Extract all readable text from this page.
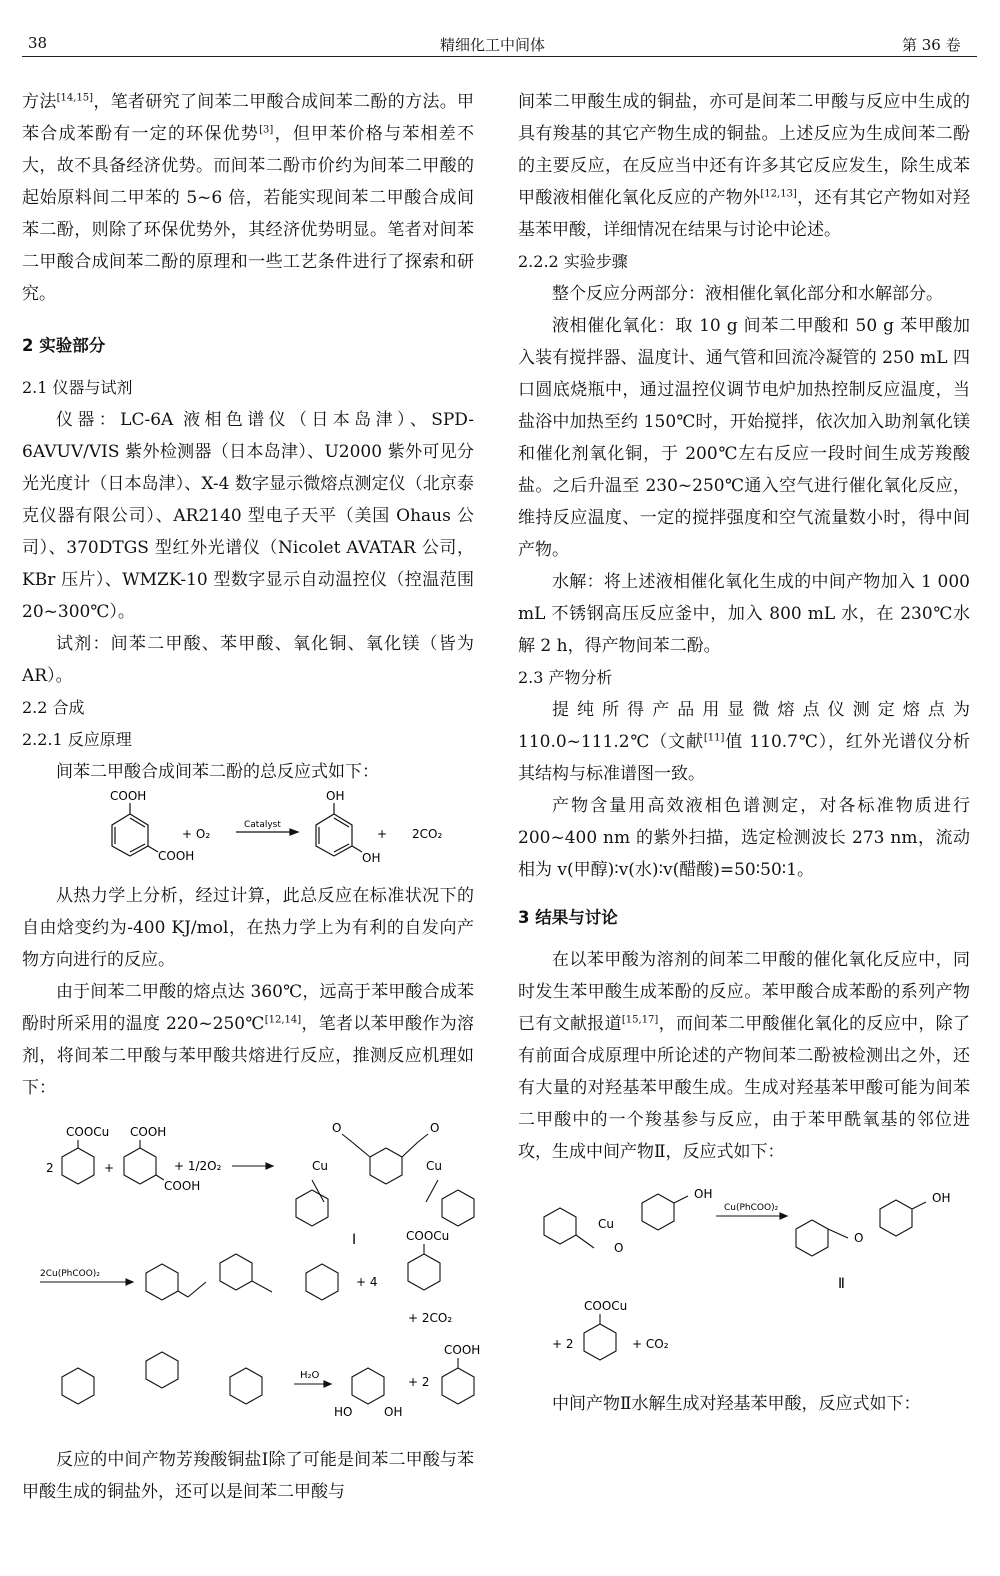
38	精细化工中间体	第 36 卷

方法[14,15]，笔者研究了间苯二甲酸合成间苯二酚的方法。甲苯合成苯酚有一定的环保优势[3]，但甲苯价格与苯相差不大，故不具备经济优势。而间苯二酚市价约为间苯二甲酸的起始原料间二甲苯的 5~6 倍，若能实现间苯二甲酸合成间苯二酚，则除了环保优势外，其经济优势明显。笔者对间苯二甲酸合成间苯二酚的原理和一些工艺条件进行了探索和研究。

2 实验部分
2.1 仪器与试剂

仪器：LC-6A 液相色谱仪（日本岛津）、SPD-6AVUV/VIS 紫外检测器（日本岛津）、U2000 紫外可见分光光度计（日本岛津）、X-4 数字显示微熔点测定仪（北京泰克仪器有限公司）、AR2140 型电子天平（美国 Ohaus 公司）、370DTGS 型红外光谱仪（Nicolet AVATAR 公司，KBr 压片）、WMZK-10 型数字显示自动温控仪（控温范围 20~300℃）。

试剂：间苯二甲酸、苯甲酸、氧化铜、氧化镁（皆为 AR）。

2.2 合成
2.2.1 反应原理

间苯二甲酸合成间苯二酚的总反应式如下：

COOH
COOH
+ O₂
Catalyst
OH
OH
+ 2CO₂

从热力学上分析，经过计算，此总反应在标准状况下的自由焓变约为-400 KJ/mol，在热力学上为有利的自发向产物方向进行的反应。

由于间苯二甲酸的熔点达 360℃，远高于苯甲酸合成苯酚时所采用的温度 220~250℃[12,14]，笔者以苯甲酸作为溶剂，将间苯二甲酸与苯甲酸共熔进行反应，推测反应机理如下：

COOCu COOH
2	+	+ 1/2O₂
COOH
Cu	Cu
O	O
I
2Cu(PhCOO)₂
COOCu
+ 4
+ 2CO₂
H₂O
HO	OH
+ 2
COOH

反应的中间产物芳羧酸铜盐Ⅰ除了可能是间苯二甲酸与苯甲酸生成的铜盐外，还可以是间苯二甲酸与

间苯二甲酸生成的铜盐，亦可是间苯二甲酸与反应中生成的具有羧基的其它产物生成的铜盐。上述反应为生成间苯二酚的主要反应，在反应当中还有许多其它反应发生，除生成苯甲酸液相催化氧化反应的产物外[12,13]，还有其它产物如对羟基苯甲酸，详细情况在结果与讨论中论述。

2.2.2 实验步骤

整个反应分两部分：液相催化氧化部分和水解部分。

液相催化氧化：取 10 g 间苯二甲酸和 50 g 苯甲酸加入装有搅拌器、温度计、通气管和回流冷凝管的 250 mL 四口圆底烧瓶中，通过温控仪调节电炉加热控制反应温度，当盐浴中加热至约 150℃时，开始搅拌，依次加入助剂氧化镁和催化剂氧化铜，于 200℃左右反应一段时间生成芳羧酸盐。之后升温至 230~250℃通入空气进行催化氧化反应，维持反应温度、一定的搅拌强度和空气流量数小时，得中间产物。

水解：将上述液相催化氧化生成的中间产物加入 1 000 mL 不锈钢高压反应釜中，加入 800 mL 水，在 230℃水解 2 h，得产物间苯二酚。

2.3 产物分析

提纯所得产品用显微熔点仪测定熔点为 110.0~111.2℃（文献[11]值 110.7℃），红外光谱仪分析其结构与标准谱图一致。

产物含量用高效液相色谱测定，对各标准物质进行 200~400 nm 的紫外扫描，选定检测波长 273 nm，流动相为 v(甲醇)∶v(水)∶v(醋酸)=50∶50∶1。

3 结果与讨论

在以苯甲酸为溶剂的间苯二甲酸的催化氧化反应中，同时发生苯甲酸生成苯酚的反应。苯甲酸合成苯酚的系列产物已有文献报道[15,17]，而间苯二甲酸催化氧化的反应中，除了有前面合成原理中所论述的产物间苯二酚被检测出之外，还有大量的对羟基苯甲酸生成。生成对羟基苯甲酸可能为间苯二甲酸中的一个羧基参与反应，由于苯甲酰氧基的邻位进攻，生成中间产物Ⅱ，反应式如下：

Cu(PhCOO)₂
OH	OH
Cu
O
O
Ⅱ
COOCu
+ 2	+ CO₂

中间产物Ⅱ水解生成对羟基苯甲酸，反应式如下：
